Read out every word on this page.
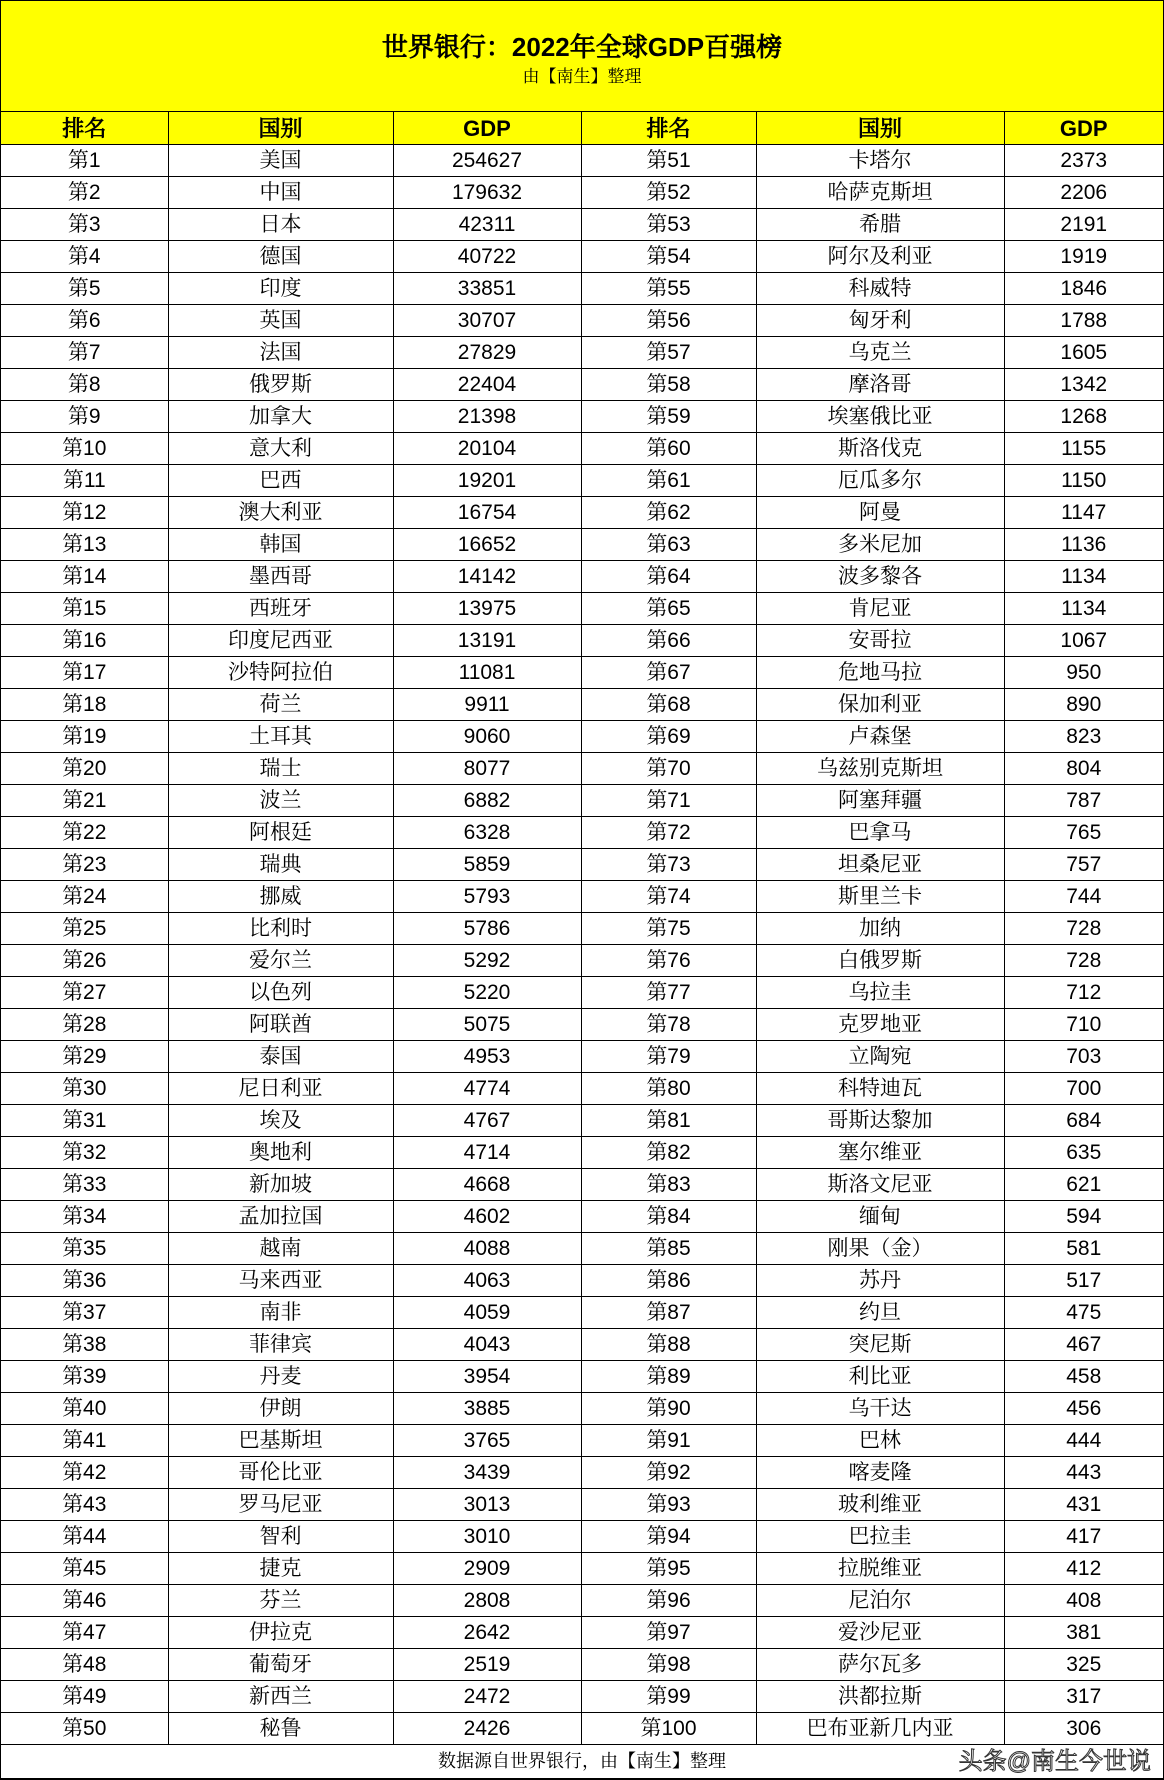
世界银行：2022年全球GDP百强榜
由【南生】整理
排名	国别	GDP	排名	国别	GDP
第1	美国	254627	第51	卡塔尔	2373
第2	中国	179632	第52	哈萨克斯坦	2206
第3	日本	42311	第53	希腊	2191
第4	德国	40722	第54	阿尔及利亚	1919
第5	印度	33851	第55	科威特	1846
第6	英国	30707	第56	匈牙利	1788
第7	法国	27829	第57	乌克兰	1605
第8	俄罗斯	22404	第58	摩洛哥	1342
第9	加拿大	21398	第59	埃塞俄比亚	1268
第10	意大利	20104	第60	斯洛伐克	1155
第11	巴西	19201	第61	厄瓜多尔	1150
第12	澳大利亚	16754	第62	阿曼	1147
第13	韩国	16652	第63	多米尼加	1136
第14	墨西哥	14142	第64	波多黎各	1134
第15	西班牙	13975	第65	肯尼亚	1134
第16	印度尼西亚	13191	第66	安哥拉	1067
第17	沙特阿拉伯	11081	第67	危地马拉	950
第18	荷兰	9911	第68	保加利亚	890
第19	土耳其	9060	第69	卢森堡	823
第20	瑞士	8077	第70	乌兹别克斯坦	804
第21	波兰	6882	第71	阿塞拜疆	787
第22	阿根廷	6328	第72	巴拿马	765
第23	瑞典	5859	第73	坦桑尼亚	757
第24	挪威	5793	第74	斯里兰卡	744
第25	比利时	5786	第75	加纳	728
第26	爱尔兰	5292	第76	白俄罗斯	728
第27	以色列	5220	第77	乌拉圭	712
第28	阿联酋	5075	第78	克罗地亚	710
第29	泰国	4953	第79	立陶宛	703
第30	尼日利亚	4774	第80	科特迪瓦	700
第31	埃及	4767	第81	哥斯达黎加	684
第32	奥地利	4714	第82	塞尔维亚	635
第33	新加坡	4668	第83	斯洛文尼亚	621
第34	孟加拉国	4602	第84	缅甸	594
第35	越南	4088	第85	刚果（金）	581
第36	马来西亚	4063	第86	苏丹	517
第37	南非	4059	第87	约旦	475
第38	菲律宾	4043	第88	突尼斯	467
第39	丹麦	3954	第89	利比亚	458
第40	伊朗	3885	第90	乌干达	456
第41	巴基斯坦	3765	第91	巴林	444
第42	哥伦比亚	3439	第92	喀麦隆	443
第43	罗马尼亚	3013	第93	玻利维亚	431
第44	智利	3010	第94	巴拉圭	417
第45	捷克	2909	第95	拉脱维亚	412
第46	芬兰	2808	第96	尼泊尔	408
第47	伊拉克	2642	第97	爱沙尼亚	381
第48	葡萄牙	2519	第98	萨尔瓦多	325
第49	新西兰	2472	第99	洪都拉斯	317
第50	秘鲁	2426	第100	巴布亚新几内亚	306
数据源自世界银行，由【南生】整理						头条@南生今世说
